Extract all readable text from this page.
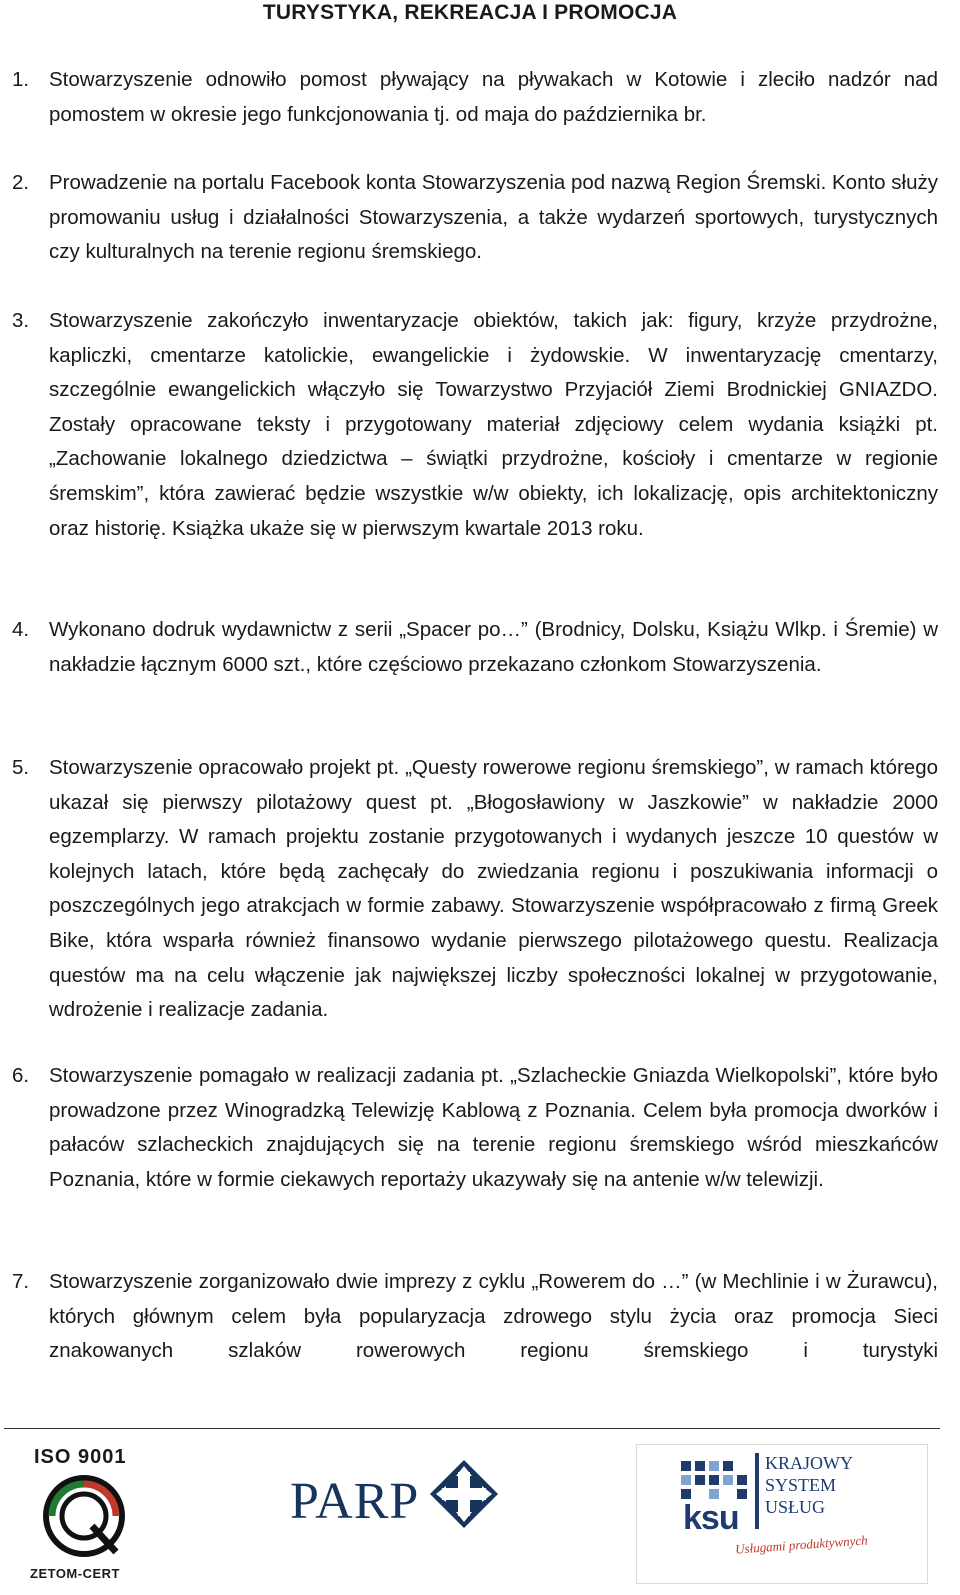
TURYSTYKA, REKREACJA I PROMOCJA
1. Stowarzyszenie odnowiło pomost pływający na pływakach w Kotowie i zleciło nadzór nad pomostem w okresie jego funkcjonowania tj. od maja do października br.
2. Prowadzenie na portalu Facebook konta Stowarzyszenia pod nazwą Region Śremski. Konto służy promowaniu usług i działalności Stowarzyszenia, a także wydarzeń sportowych, turystycznych czy kulturalnych na terenie regionu śremskiego.
3. Stowarzyszenie zakończyło inwentaryzacje obiektów, takich jak: figury, krzyże przydrożne, kapliczki, cmentarze katolickie, ewangelickie i żydowskie. W inwentaryzację cmentarzy, szczególnie ewangelickich włączyło się Towarzystwo Przyjaciół Ziemi Brodnickiej GNIAZDO. Zostały opracowane teksty i przygotowany materiał zdjęciowy celem wydania książki pt. „Zachowanie lokalnego dziedzictwa – świątki przydrożne, kościoły i cmentarze w regionie śremskim”, która zawierać będzie wszystkie w/w obiekty, ich lokalizację, opis architektoniczny oraz historię. Książka ukaże się w pierwszym kwartale 2013 roku.
4. Wykonano dodruk wydawnictw z serii „Spacer po…” (Brodnicy, Dolsku, Książu Wlkp. i Śremie) w nakładzie łącznym 6000 szt., które częściowo przekazano członkom Stowarzyszenia.
5. Stowarzyszenie opracowało projekt pt. „Questy rowerowe regionu śremskiego”, w ramach którego ukazał się pierwszy pilotażowy quest pt. „Błogosławiony w Jaszkowie” w nakładzie 2000 egzemplarzy. W ramach projektu zostanie przygotowanych i wydanych jeszcze 10 questów w kolejnych latach, które będą zachęcały do zwiedzania regionu i poszukiwania informacji o poszczególnych jego atrakcjach w formie zabawy. Stowarzyszenie współpracowało z firmą Greek Bike, która wsparła również finansowo wydanie pierwszego pilotażowego questu. Realizacja questów ma na celu włączenie jak największej liczby społeczności lokalnej w przygotowanie, wdrożenie i realizacje zadania.
6. Stowarzyszenie pomagało w realizacji zadania pt. „Szlacheckie Gniazda Wielkopolski”, które było prowadzone przez Winogradzką Telewizję Kablową z Poznania. Celem była promocja dworków i pałaców szlacheckich znajdujących się na terenie regionu śremskiego wśród mieszkańców Poznania, które w formie ciekawych reportaży ukazywały się na antenie w/w telewizji.
7. Stowarzyszenie zorganizowało dwie imprezy z cyklu „Rowerem do …” (w Mechlinie i w Żurawcu), których głównym celem była popularyzacja zdrowego stylu życia oraz promocja Sieci znakowanych szlaków rowerowych regionu śremskiego i turystyki
ISO 9001
ZETOM-CERT
PARP	ksu
KRAJOWY
SYSTEM
USŁUG
Usługami produktywnych
